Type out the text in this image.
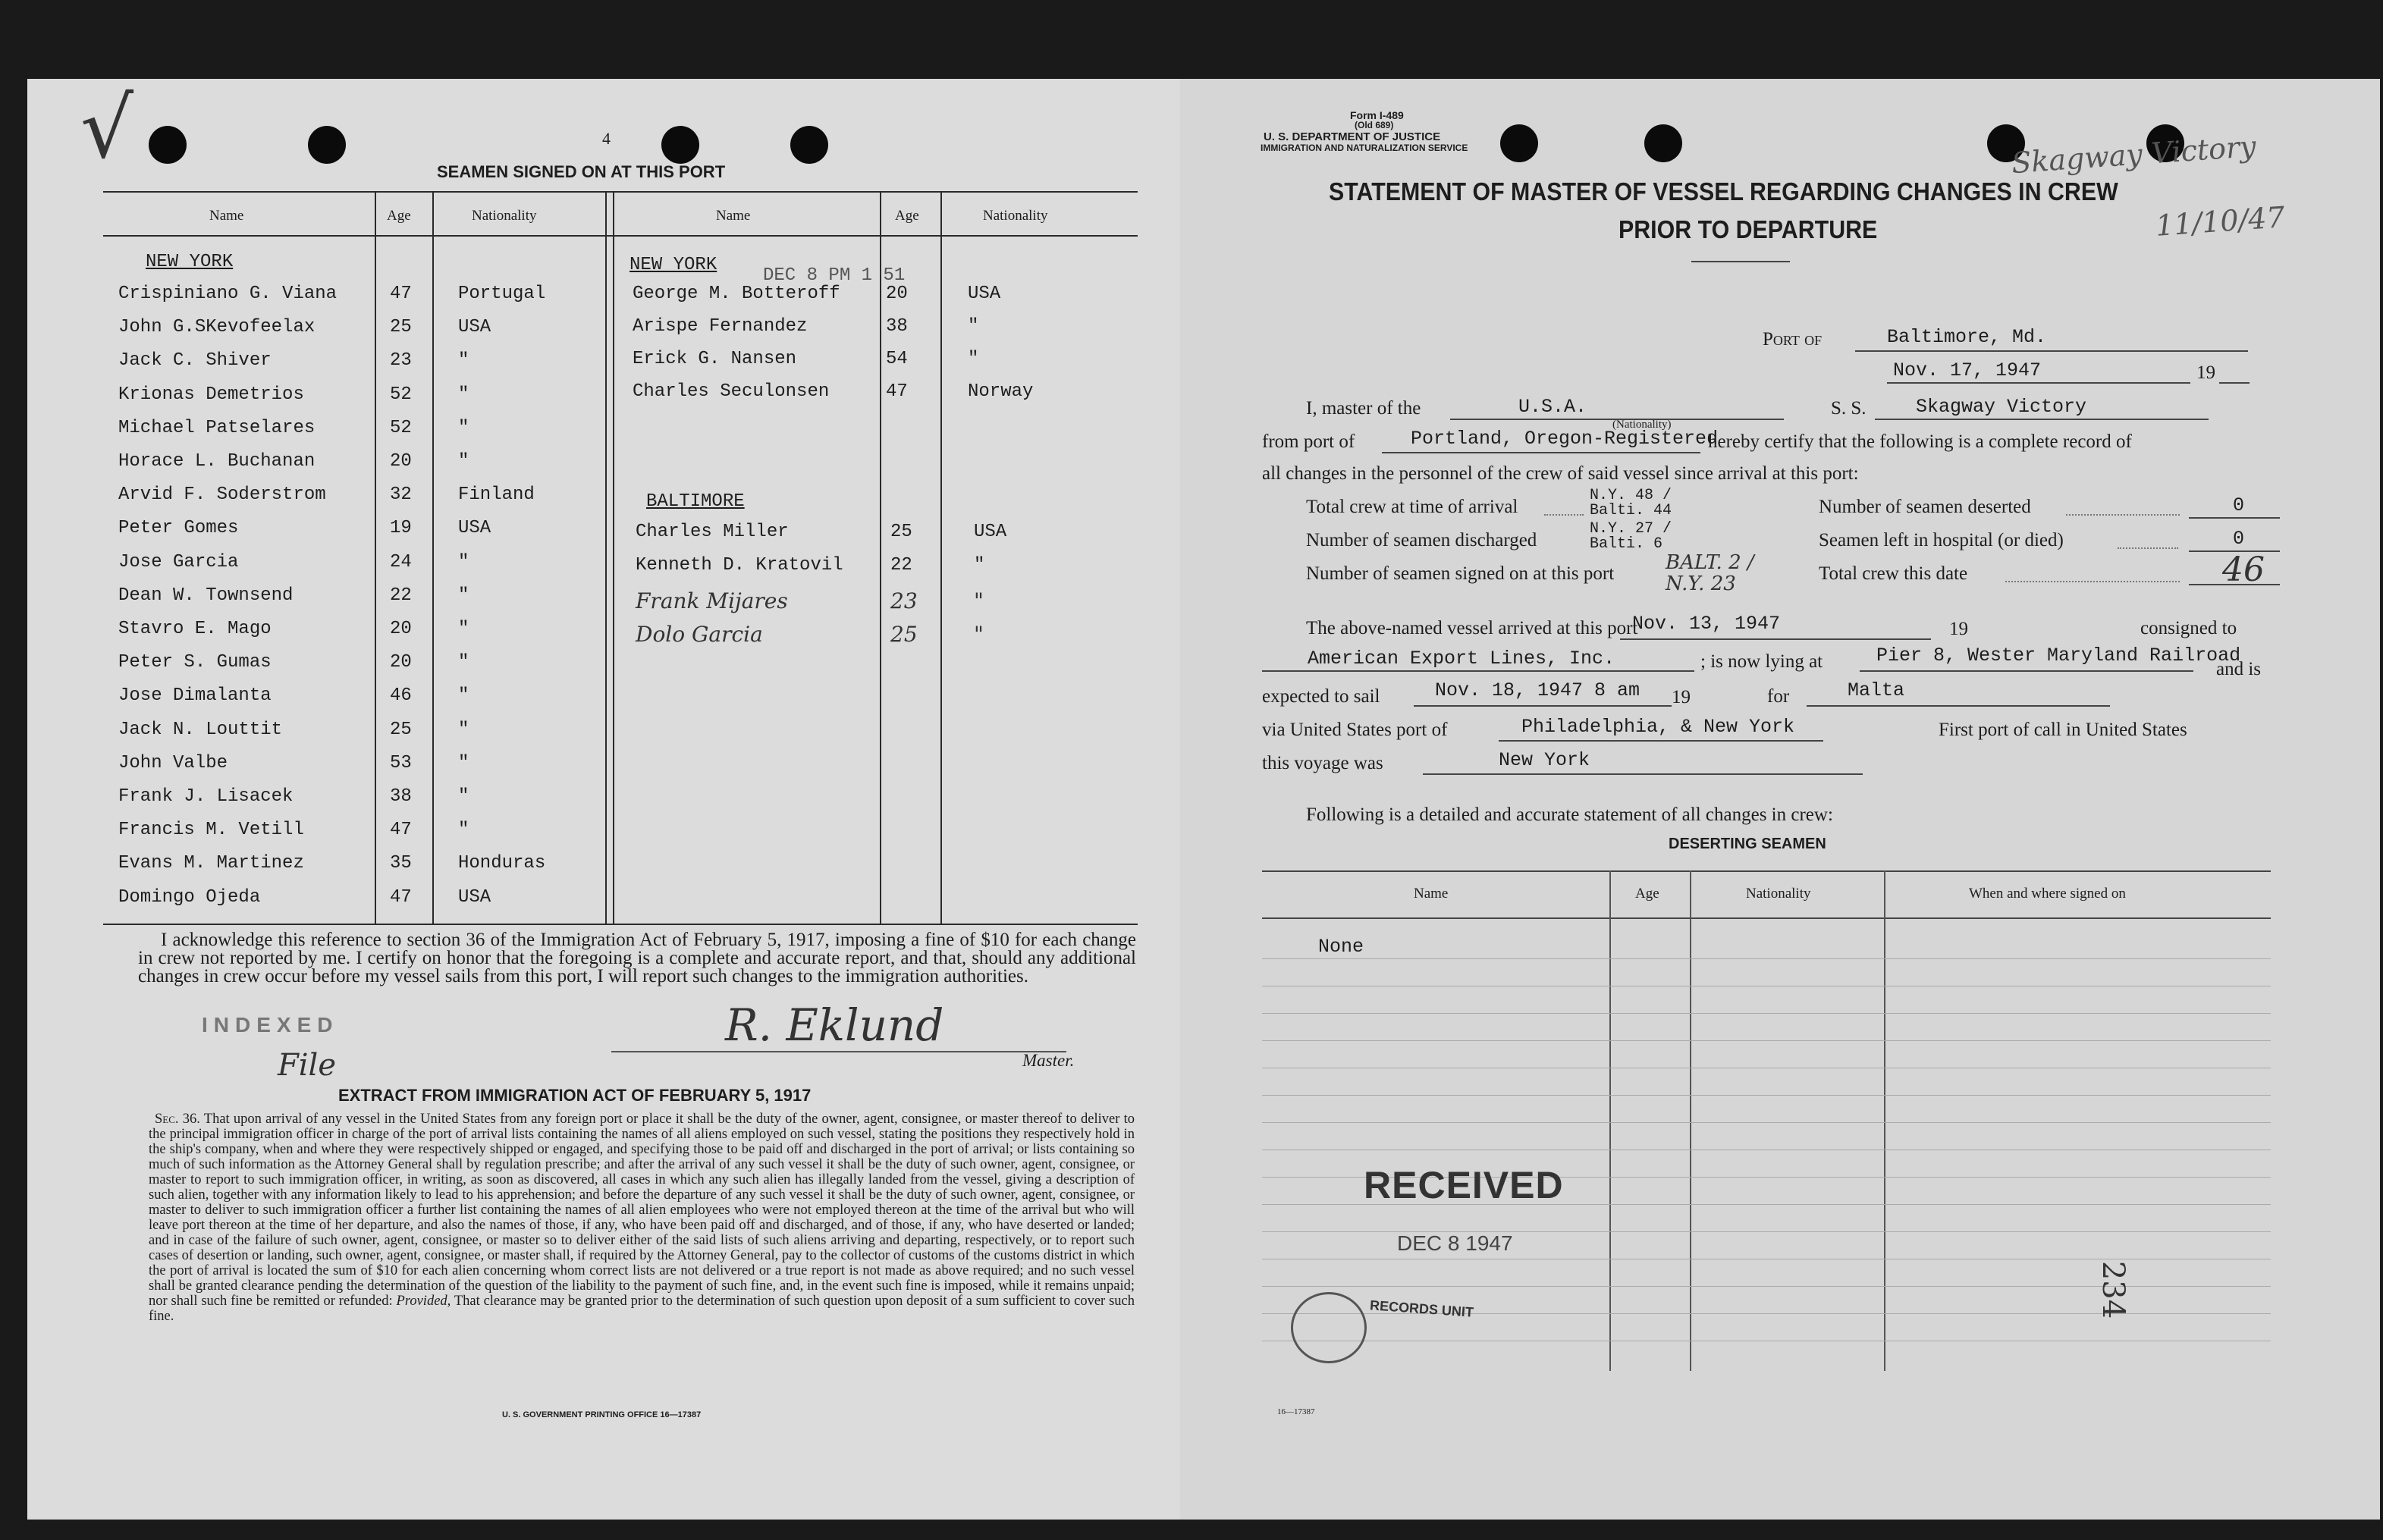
√	4
SEAMEN SIGNED ON AT THIS PORT
Name	Age	Nationality	Name	Age	Nationality
NEW YORK
Crispiniano G. Viana	47	Portugal
John G.SKevofeelax	25	USA
Jack C. Shiver	23	"
Krionas Demetrios	52	"
Michael Patselares	52	"
Horace L. Buchanan	20	"
Arvid F. Soderstrom	32	Finland
Peter Gomes	19	USA
Jose Garcia	24	"
Dean W. Townsend	22	"
Stavro E. Mago	20	"
Peter S. Gumas	20	"
Jose Dimalanta	46	"
Jack N. Louttit	25	"
John Valbe	53	"
Frank J. Lisacek	38	"
Francis M. Vetill	47	"
Evans M. Martinez	35	Honduras
Domingo Ojeda	47	USA
NEW YORK
DEC 8 PM 1 51
George M. Botteroff	20	USA
Arispe Fernandez	38	"
Erick G. Nansen	54	"
Charles Seculonsen	47	Norway
BALTIMORE
Charles Miller	25	USA
Kenneth D. Kratovil	22	"
Frank Mijares	23	"
Dolo Garcia	25	"
I acknowledge this reference to section 36 of the Immigration Act of February 5, 1917, imposing a fine of $10 for each change in crew not reported by me. I certify on honor that the foregoing is a complete and accurate report, and that, should any additional changes in crew occur before my vessel sails from this port, I will report such changes to the immigration authorities.
INDEXED
File
R. Eklund
Master.
EXTRACT FROM IMMIGRATION ACT OF FEBRUARY 5, 1917
Sec. 36. That upon arrival of any vessel in the United States from any foreign port or place it shall be the duty of the owner, agent, consignee, or master thereof to deliver to the principal immigration officer in charge of the port of arrival lists containing the names of all aliens employed on such vessel, stating the positions they respectively hold in the ship's company, when and where they were respectively shipped or engaged, and specifying those to be paid off and discharged in the port of arrival; or lists containing so much of such information as the Attorney General shall by regulation prescribe; and after the arrival of any such vessel it shall be the duty of such owner, agent, consignee, or master to report to such immigration officer, in writing, as soon as discovered, all cases in which any such alien has illegally landed from the vessel, giving a description of such alien, together with any information likely to lead to his apprehension; and before the departure of any such vessel it shall be the duty of such owner, agent, consignee, or master to deliver to such immigration officer a further list containing the names of all alien employees who were not employed thereon at the time of the arrival but who will leave port thereon at the time of her departure, and also the names of those, if any, who have been paid off and discharged, and of those, if any, who have deserted or landed; and in case of the failure of such owner, agent, consignee, or master so to deliver either of the said lists of such aliens arriving and departing, respectively, or to report such cases of desertion or landing, such owner, agent, consignee, or master shall, if required by the Attorney General, pay to the collector of customs of the customs district in which the port of arrival is located the sum of $10 for each alien concerning whom correct lists are not delivered or a true report is not made as above required; and no such vessel shall be granted clearance pending the determination of the question of the liability to the payment of such fine, and, in the event such fine is imposed, while it remains unpaid; nor shall such fine be remitted or refunded: Provided, That clearance may be granted prior to the determination of such question upon deposit of a sum sufficient to cover such fine.
U. S. GOVERNMENT PRINTING OFFICE 16—17387
Form I-489
(Old 689)
U. S. DEPARTMENT OF JUSTICE
IMMIGRATION AND NATURALIZATION SERVICE	Skagway Victory
11/10/47
STATEMENT OF MASTER OF VESSEL REGARDING CHANGES IN CREW
PRIOR TO DEPARTURE
Port of	Baltimore, Md.
Nov. 17, 1947	19
I, master of the	U.S.A.
(Nationality)
S. S.	Skagway Victory
from port of	Portland, Oregon-Registered
hereby certify that the following is a complete record of
all changes in the personnel of the crew of said vessel since arrival at this port:
Total crew at time of arrival
N.Y. 48 / Balti. 44
Number of seamen discharged
N.Y. 27 / Balti. 6
Number of seamen signed on at this port	BALT. 2 / N.Y. 23
Number of seamen deserted	0
Seamen left in hospital (or died)	0
Total crew this date	46
The above-named vessel arrived at this port
Nov. 13, 1947	19	consigned to
American Export Lines, Inc.	; is now lying at	Pier 8, Wester Maryland Railroad
and is
expected to sail	Nov. 18, 1947 8 am 19	for	Malta
via United States port of	Philadelphia, & New York	First port of call in United States
this voyage was	New York
Following is a detailed and accurate statement of all changes in crew:
DESERTING SEAMEN
Name	Age	Nationality	When and where signed on
None
RECEIVED
DEC 8 1947
RECORDS UNIT	234
16—17387
